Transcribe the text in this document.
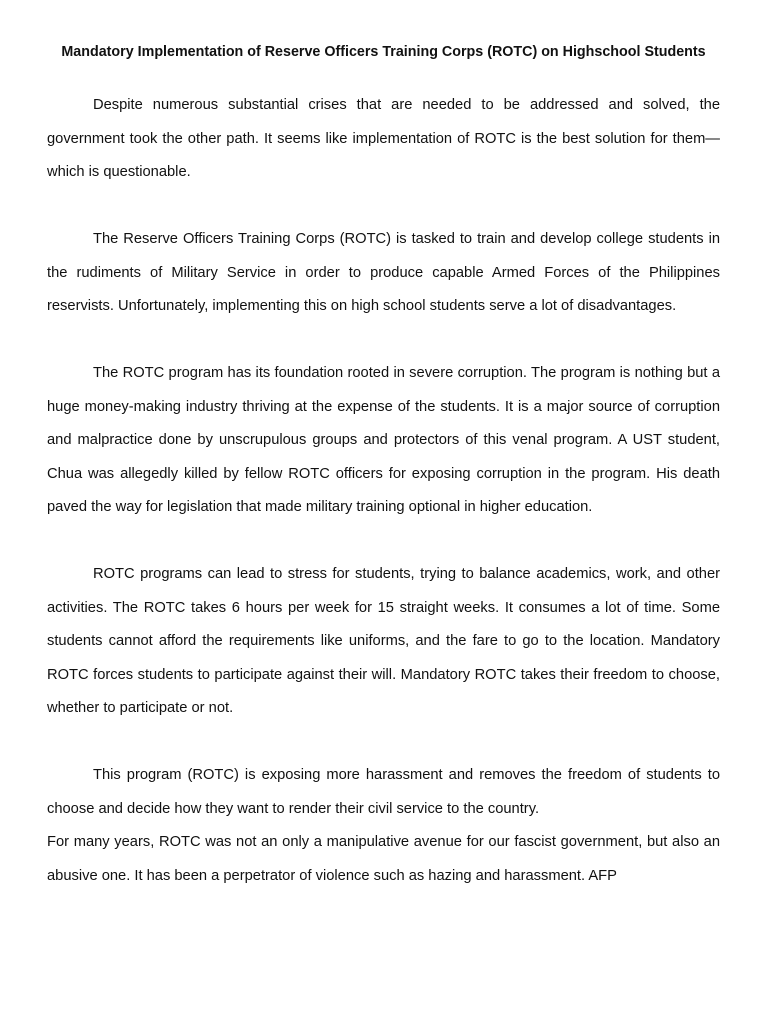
Mandatory Implementation of Reserve Officers Training Corps (ROTC) on Highschool Students

Despite numerous substantial crises that are needed to be addressed and solved, the government took the other path. It seems like implementation of ROTC is the best solution for them— which is questionable.

The Reserve Officers Training Corps (ROTC) is tasked to train and develop college students in the rudiments of Military Service in order to produce capable Armed Forces of the Philippines reservists. Unfortunately, implementing this on high school students serve a lot of disadvantages.

The ROTC program has its foundation rooted in severe corruption. The program is nothing but a huge money-making industry thriving at the expense of the students. It is a major source of corruption and malpractice done by unscrupulous groups and protectors of this venal program. A UST student, Chua was allegedly killed by fellow ROTC officers for exposing corruption in the program. His death paved the way for legislation that made military training optional in higher education.

ROTC programs can lead to stress for students, trying to balance academics, work, and other activities. The ROTC takes 6 hours per week for 15 straight weeks. It consumes a lot of time. Some students cannot afford the requirements like uniforms, and the fare to go to the location. Mandatory ROTC forces students to participate against their will. Mandatory ROTC takes their freedom to choose, whether to participate or not.

This program (ROTC) is exposing more harassment and removes the freedom of students to choose and decide how they want to render their civil service to the country.

For many years, ROTC was not an only a manipulative avenue for our fascist government, but also an abusive one. It has been a perpetrator of violence such as hazing and harassment. AFP
